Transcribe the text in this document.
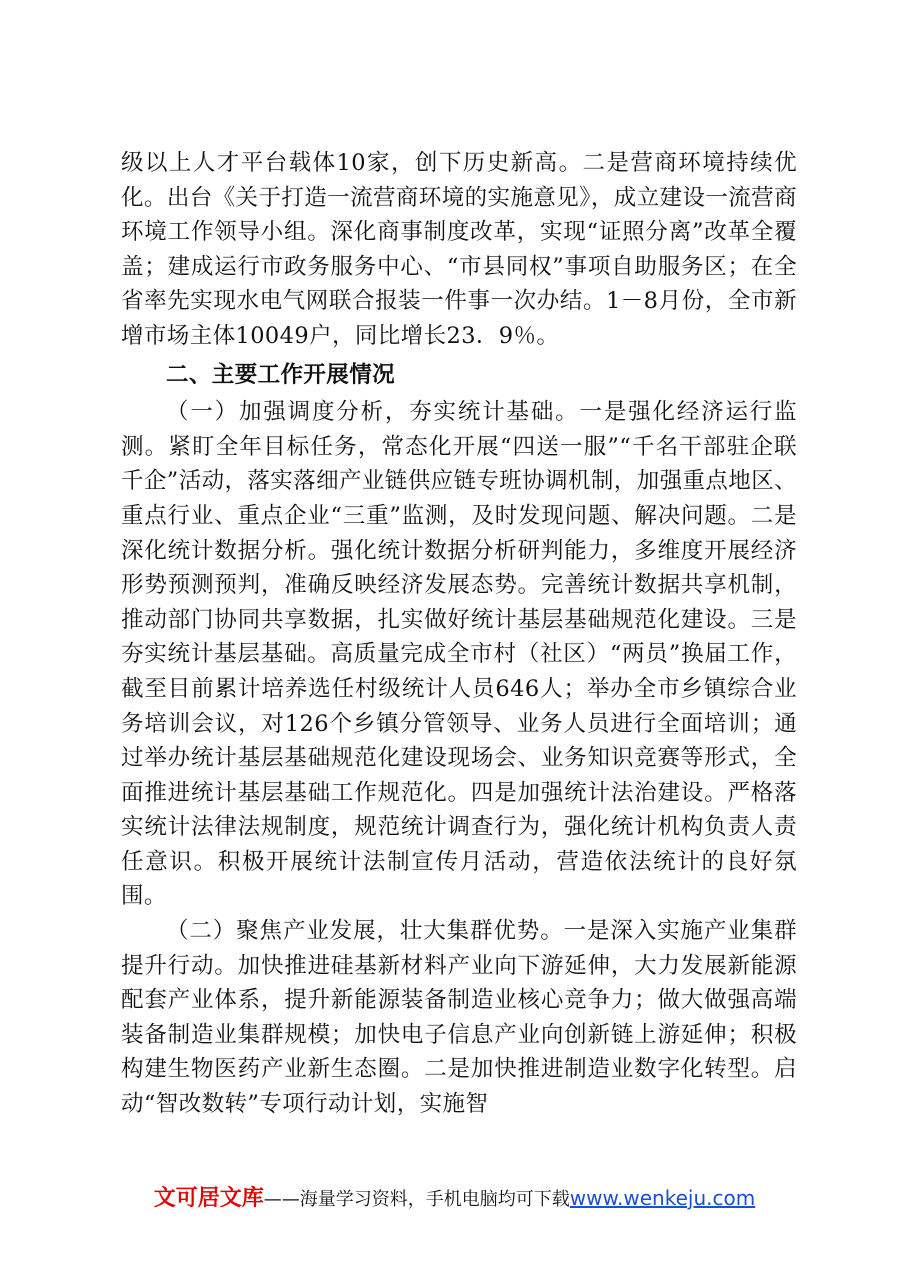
级以上人才平台载体10家，创下历史新高。二是营商环境持续优化。出台《关于打造一流营商环境的实施意见》，成立建设一流营商环境工作领导小组。深化商事制度改革，实现“证照分离”改革全覆盖；建成运行市政务服务中心、“市县同权”事项自助服务区；在全省率先实现水电气网联合报装一件事一次办结。1－8月份，全市新增市场主体10049户，同比增长23．9％。

二、主要工作开展情况

（一）加强调度分析，夯实统计基础。一是强化经济运行监测。紧盯全年目标任务，常态化开展“四送一服”“千名干部驻企联千企”活动，落实落细产业链供应链专班协调机制，加强重点地区、重点行业、重点企业“三重”监测，及时发现问题、解决问题。二是深化统计数据分析。强化统计数据分析研判能力，多维度开展经济形势预测预判，准确反映经济发展态势。完善统计数据共享机制，推动部门协同共享数据，扎实做好统计基层基础规范化建设。三是夯实统计基层基础。高质量完成全市村（社区）“两员”换届工作，截至目前累计培养选任村级统计人员646人；举办全市乡镇综合业务培训会议，对126个乡镇分管领导、业务人员进行全面培训；通过举办统计基层基础规范化建设现场会、业务知识竞赛等形式，全面推进统计基层基础工作规范化。四是加强统计法治建设。严格落实统计法律法规制度，规范统计调查行为，强化统计机构负责人责任意识。积极开展统计法制宣传月活动，营造依法统计的良好氛围。

（二）聚焦产业发展，壮大集群优势。一是深入实施产业集群提升行动。加快推进硅基新材料产业向下游延伸，大力发展新能源配套产业体系，提升新能源装备制造业核心竞争力；做大做强高端装备制造业集群规模；加快电子信息产业向创新链上游延伸；积极构建生物医药产业新生态圈。二是加快推进制造业数字化转型。启动“智改数转”专项行动计划，实施智

文可居文库——海量学习资料，手机电脑均可下载www.wenkeju.com
